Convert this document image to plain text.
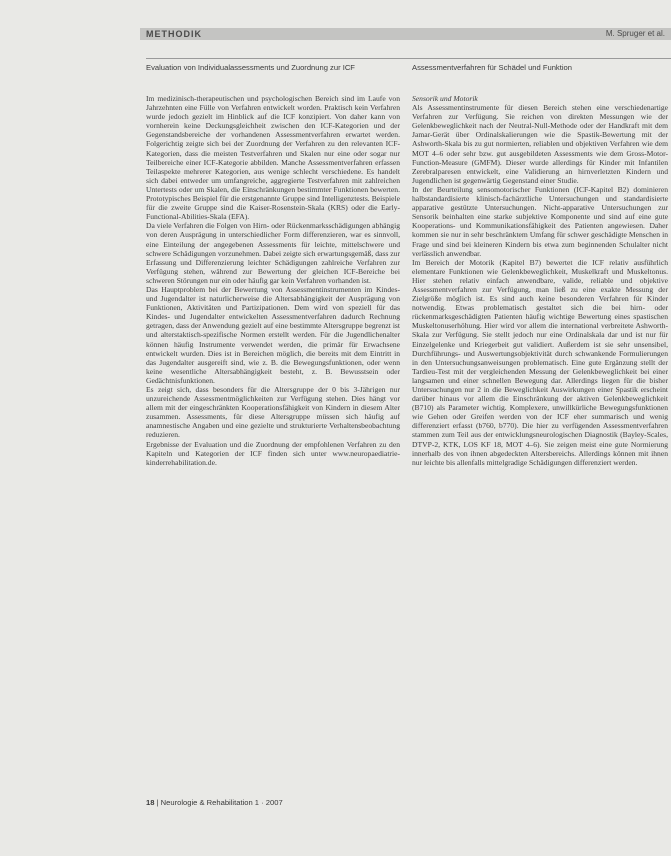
METHODIK	M. Spruger et al.
Evaluation von Individualassessments und Zuordnung zur ICF	Assessmentverfahren für Schädel und Funktion

Im medizinisch-therapeutischen und psychologischen Bereich sind im Laufe von Jahrzehnten eine Fülle von Verfahren entwickelt worden. Praktisch kein Verfahren wurde jedoch gezielt im Hinblick auf die ICF konzipiert. Von daher kann von vornherein keine Deckungsgleichheit zwischen den ICF-Kategorien und der Gegenstandsbereiche der vorhandenen Assessmentverfahren erwartet werden. Folgerichtig zeigte sich bei der Zuordnung der Verfahren zu den relevanten ICF-Kategorien, dass die meisten Testverfahren und Skalen nur eine oder sogar nur Teilbereiche einer ICF-Kategorie abbilden. Manche Assessmentverfahren erfassen Teilaspekte mehrerer Kategorien, aus wenige schlecht verschiedene. Es handelt sich dabei entweder um umfangreiche, aggregierte Testverfahren mit zahlreichen Untertests oder um Skalen, die Einschränkungen bestimmter Funktionen bewerten. Prototypisches Beispiel für die erstgenannte Gruppe sind Intelligenztests. Beispiele für die zweite Gruppe sind die Kaiser-Rosenstein-Skala (KRS) oder die Early-Functional-Abilities-Skala (EFA).

Da viele Verfahren die Folgen von Hirn- oder Rückenmarksschädigungen abhängig von deren Ausprägung in unterschiedlicher Form differenzieren, war es sinnvoll, eine Einteilung der angegebenen Assessments für leichte, mittelschwere und schwere Schädigungen vorzunehmen. Dabei zeigte sich erwartungsgemäß, dass zur Erfassung und Differenzierung leichter Schädigungen zahlreiche Verfahren zur Verfügung stehen, während zur Bewertung der gleichen ICF-Bereiche bei schweren Störungen nur ein oder häufig gar kein Verfahren vorhanden ist.

Das Hauptproblem bei der Bewertung von Assessmentinstrumenten im Kindes- und Jugendalter ist naturlicherweise die Altersabhängigkeit der Ausprägung von Funktionen, Aktivitäten und Partizipationen. Dem wird von speziell für das Kindes- und Jugendalter entwickelten Assessmentverfahren dadurch Rechnung getragen, dass der Anwendung gezielt auf eine bestimmte Altersgruppe begrenzt ist und alterstaktisch-spezifische Normen erstellt werden. Für die Jugendlichenalter können häufig Instrumente verwendet werden, die primär für Erwachsene entwickelt wurden. Dies ist in Bereichen möglich, die bereits mit dem Eintritt in das Jugendalter ausgereift sind, wie z. B. die Bewegungsfunktionen, oder wenn keine wesentliche Altersabhängigkeit besteht, z. B. Bewusstsein oder Gedächtnisfunktionen.

Es zeigt sich, dass besonders für die Altersgruppe der 0 bis 3-Jährigen nur unzureichende Assessmentmöglichkeiten zur Verfügung stehen. Dies hängt vor allem mit der eingeschränkten Kooperationsfähigkeit von Kindern in diesem Alter zusammen. Assessments, für diese Altersgruppe müssen sich häufig auf anamnestische Angaben und eine gezielte und strukturierte Verhaltensbeobachtung reduzieren.

Ergebnisse der Evaluation und die Zuordnung der empfohlenen Verfahren zu den Kapiteln und Kategorien der ICF finden sich unter www.neuropaediatrie-kinderrehabilitation.de.

Sensorik und Motorik

Als Assessmentinstrumente für diesen Bereich stehen eine verschiedenartige Verfahren zur Verfügung. Sie reichen von direkten Messungen wie der Gelenkbeweglichkeit nach der Neutral-Null-Methode oder der Handkraft mit dem Jamar-Gerät über Ordinalskalierungen wie die Spastik-Bewertung mit der Ashworth-Skala bis zu gut normierten, reliablen und objektiven Verfahren wie dem MOT 4–6 oder sehr bzw. gut ausgebildeten Assessments wie dem Gross-Motor-Function-Measure (GMFM). Dieser wurde allerdings für Kinder mit Infantilen Zerebralparesen entwickelt, eine Validierung an hirnverletzten Kindern und Jugendlichen ist gegenwärtig Gegenstand einer Studie.

In der Beurteilung sensomotorischer Funktionen (ICF-Kapitel B2) dominieren halbstandardisierte klinisch-fachärztliche Untersuchungen und standardisierte apparative gestützte Untersuchungen. Nicht-apparative Untersuchungen zur Sensorik beinhalten eine starke subjektive Komponente und sind auf eine gute Kooperations- und Kommunikationsfähigkeit des Patienten angewiesen. Daher kommen sie nur in sehr beschränktem Umfang für schwer geschädigte Menschen in Frage und sind bei kleineren Kindern bis etwa zum beginnenden Schulalter nicht verlässlich anwendbar.

Im Bereich der Motorik (Kapitel B7) bewertet die ICF relativ ausführlich elementare Funktionen wie Gelenkbeweglichkeit, Muskelkraft und Muskeltonus. Hier stehen relativ einfach anwendbare, valide, reliable und objektive Assessmentverfahren zur Verfügung, man ließ zu eine exakte Messung der Zielgröße möglich ist. Es sind auch keine besonderen Verfahren für Kinder notwendig. Etwas problematisch gestaltet sich die bei hirn- oder rückenmarksgeschädigten Patienten häufig wichtige Bewertung eines spastischen Muskeltonuserhöhung. Hier wird vor allem die international verbreitete Ashworth-Skala zur Verfügung. Sie stellt jedoch nur eine Ordinalskala dar und ist nur für Einzelgelenke und Kriegerbeit gut validiert. Außerdem ist sie sehr unsensibel, Durchführungs- und Auswertungsobjektivität durch schwankende Formulierungen in den Untersuchungsanweisungen problematisch. Eine gute Ergänzung stellt der Tardieu-Test mit der vergleichenden Messung der Gelenkbeweglichkeit bei einer langsamen und einer schnellen Bewegung dar. Allerdings liegen für die bisher Untersuchungen nur 2 in die Beweglichkeit Auswirkungen einer Spastik erscheint darüber hinaus vor allem die Einschränkung der aktiven Gelenkbeweglichkeit (B710) als Parameter wichtig. Komplexere, unwillkürliche Bewegungsfunktionen wie Gehen oder Greifen werden von der ICF eher summarisch und wenig differenziert erfasst (b760, b770). Die hier zu verfügenden Assessmentverfahren stammen zum Teil aus der entwicklungsneurologischen Diagnostik (Bayley-Scales, DTVP-2, KTK, LOS KF 18, MOT 4–6). Sie zeigen meist eine gute Normierung innerhalb des von ihnen abgedeckten Altersbereichs. Allerdings können mit ihnen nur leichte bis allenfalls mittelgradige Schädigungen differenziert werden.

18 | Neurologie & Rehabilitation 1 · 2007
